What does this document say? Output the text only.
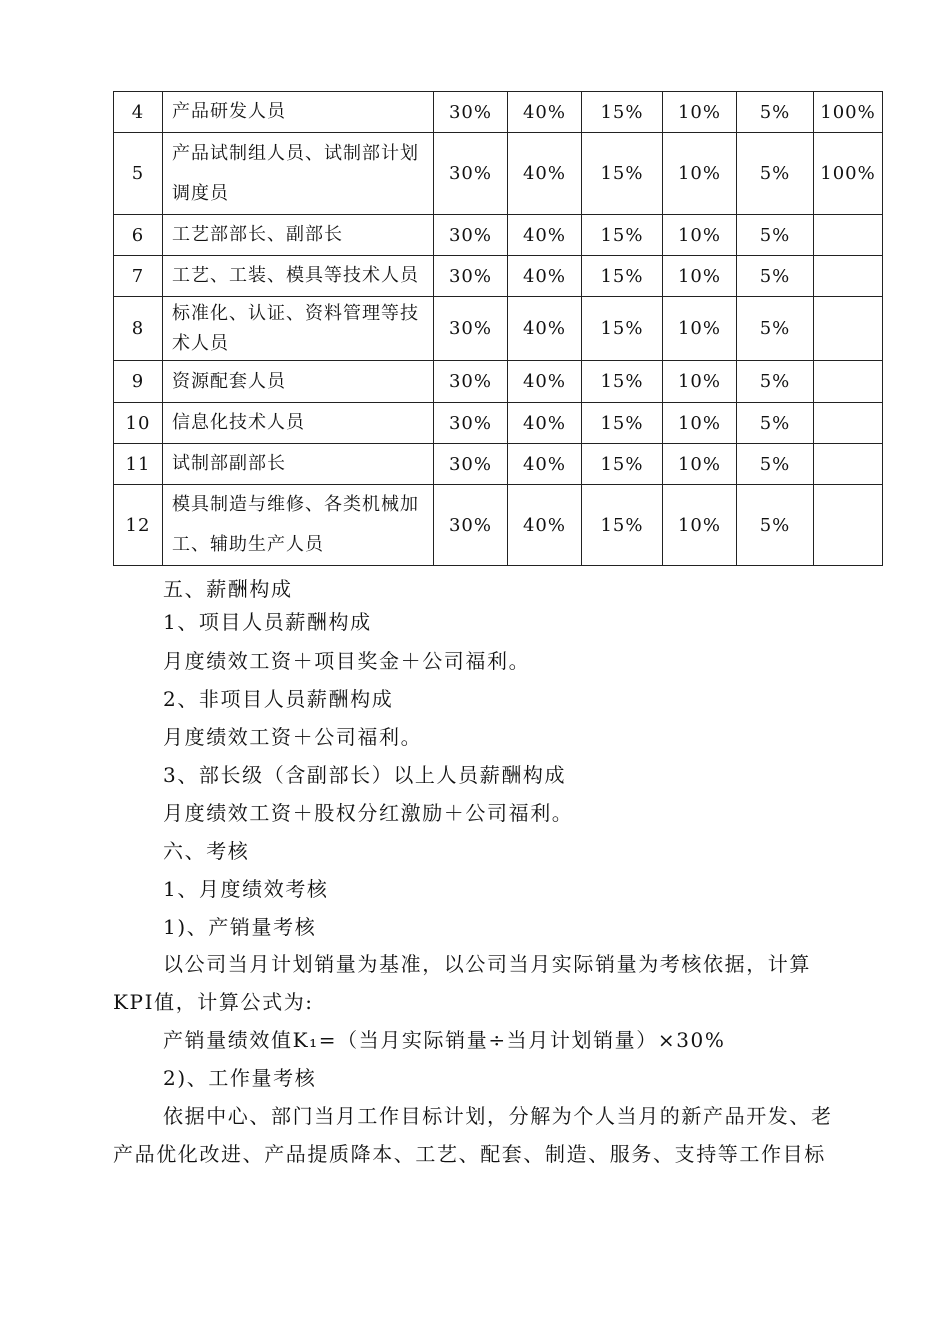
4	产品研发人员	30%	40%	15%	10%	5%	100%
5	产品试制组人员、试制部计划调度员	30%	40%	15%	10%	5%	100%
6	工艺部部长、副部长	30%	40%	15%	10%	5%	
7	工艺、工装、模具等技术人员	30%	40%	15%	10%	5%	
8	标准化、认证、资料管理等技术人员	30%	40%	15%	10%	5%	
9	资源配套人员	30%	40%	15%	10%	5%	
10	信息化技术人员	30%	40%	15%	10%	5%	
11	试制部副部长	30%	40%	15%	10%	5%	
12	模具制造与维修、各类机械加工、辅助生产人员	30%	40%	15%	10%	5%	
五、薪酬构成
1、项目人员薪酬构成
月度绩效工资＋项目奖金＋公司福利。
2、非项目人员薪酬构成
月度绩效工资＋公司福利。
3、部长级（含副部长）以上人员薪酬构成
月度绩效工资＋股权分红激励＋公司福利。
六、考核
1、月度绩效考核
1)、产销量考核
以公司当月计划销量为基准，以公司当月实际销量为考核依据，计算
KPI值，计算公式为:
产销量绩效值K₁=（当月实际销量÷当月计划销量）×30%
2)、工作量考核
依据中心、部门当月工作目标计划，分解为个人当月的新产品开发、老
产品优化改进、产品提质降本、工艺、配套、制造、服务、支持等工作目标
